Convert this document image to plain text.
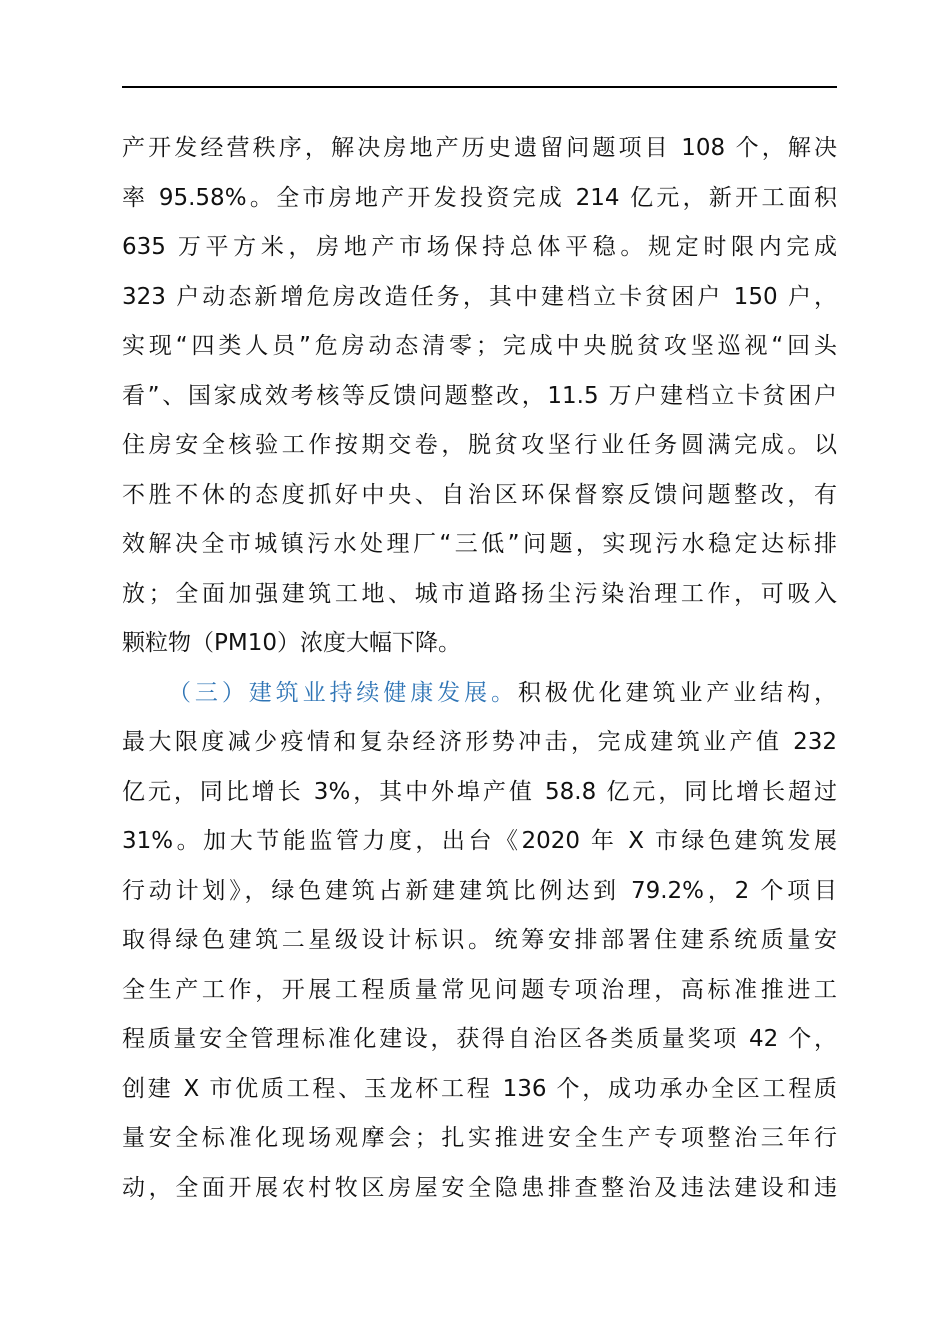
产开发经营秩序，解决房地产历史遗留问题项目 108 个，解决
率 95.58%。全市房地产开发投资完成 214 亿元，新开工面积
635 万平方米，房地产市场保持总体平稳。规定时限内完成
323 户动态新增危房改造任务，其中建档立卡贫困户 150 户，
实现“四类人员”危房动态清零；完成中央脱贫攻坚巡视“回头
看”、国家成效考核等反馈问题整改，11.5 万户建档立卡贫困户
住房安全核验工作按期交卷，脱贫攻坚行业任务圆满完成。以
不胜不休的态度抓好中央、自治区环保督察反馈问题整改，有
效解决全市城镇污水处理厂“三低”问题，实现污水稳定达标排
放；全面加强建筑工地、城市道路扬尘污染治理工作，可吸入
颗粒物（PM10）浓度大幅下降。
（三）建筑业持续健康发展。积极优化建筑业产业结构，
最大限度减少疫情和复杂经济形势冲击，完成建筑业产值 232
亿元，同比增长 3%，其中外埠产值 58.8 亿元，同比增长超过
31%。加大节能监管力度，出台《2020 年 X 市绿色建筑发展
行动计划》，绿色建筑占新建建筑比例达到 79.2%，2 个项目
取得绿色建筑二星级设计标识。统筹安排部署住建系统质量安
全生产工作，开展工程质量常见问题专项治理，高标准推进工
程质量安全管理标准化建设，获得自治区各类质量奖项 42 个，
创建 X 市优质工程、玉龙杯工程 136 个，成功承办全区工程质
量安全标准化现场观摩会；扎实推进安全生产专项整治三年行
动，全面开展农村牧区房屋安全隐患排查整治及违法建设和违
